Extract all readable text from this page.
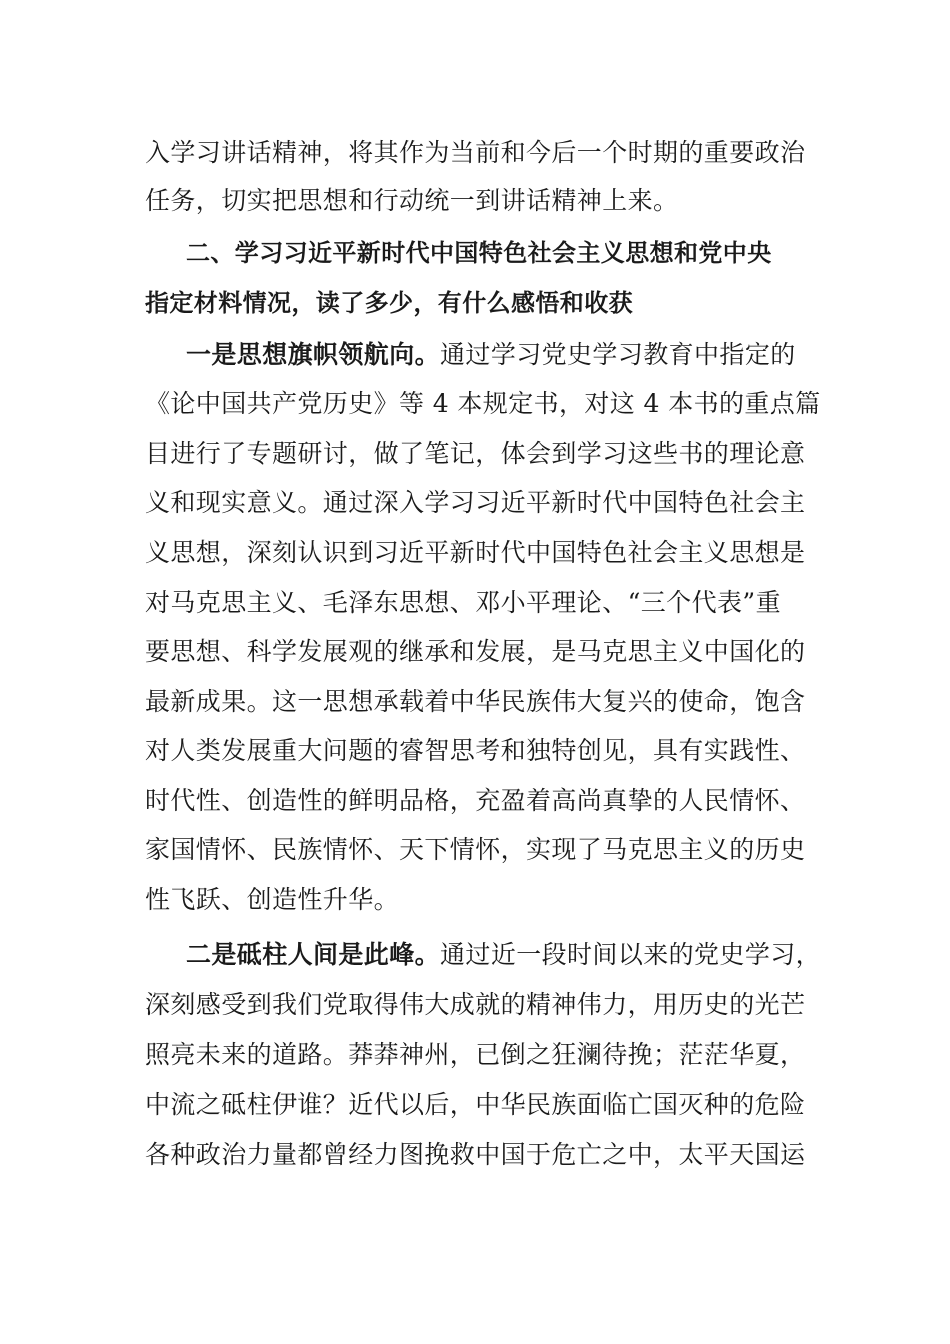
入学习讲话精神，将其作为当前和今后一个时期的重要政治
任务，切实把思想和行动统一到讲话精神上来。
二、学习习近平新时代中国特色社会主义思想和党中央
指定材料情况，读了多少，有什么感悟和收获
一是思想旗帜领航向。通过学习党史学习教育中指定的
《论中国共产党历史》等 4 本规定书，对这 4 本书的重点篇
目进行了专题研讨，做了笔记，体会到学习这些书的理论意
义和现实意义。通过深入学习习近平新时代中国特色社会主
义思想，深刻认识到习近平新时代中国特色社会主义思想是
对马克思主义、毛泽东思想、邓小平理论、“三个代表”重
要思想、科学发展观的继承和发展，是马克思主义中国化的
最新成果。这一思想承载着中华民族伟大复兴的使命，饱含
对人类发展重大问题的睿智思考和独特创见，具有实践性、
时代性、创造性的鲜明品格，充盈着高尚真挚的人民情怀、
家国情怀、民族情怀、天下情怀，实现了马克思主义的历史
性飞跃、创造性升华。
二是砥柱人间是此峰。通过近一段时间以来的党史学习，
深刻感受到我们党取得伟大成就的精神伟力，用历史的光芒
照亮未来的道路。莽莽神州，已倒之狂澜待挽；茫茫华夏，
中流之砥柱伊谁？近代以后，中华民族面临亡国灭种的危险
各种政治力量都曾经力图挽救中国于危亡之中，太平天国运
